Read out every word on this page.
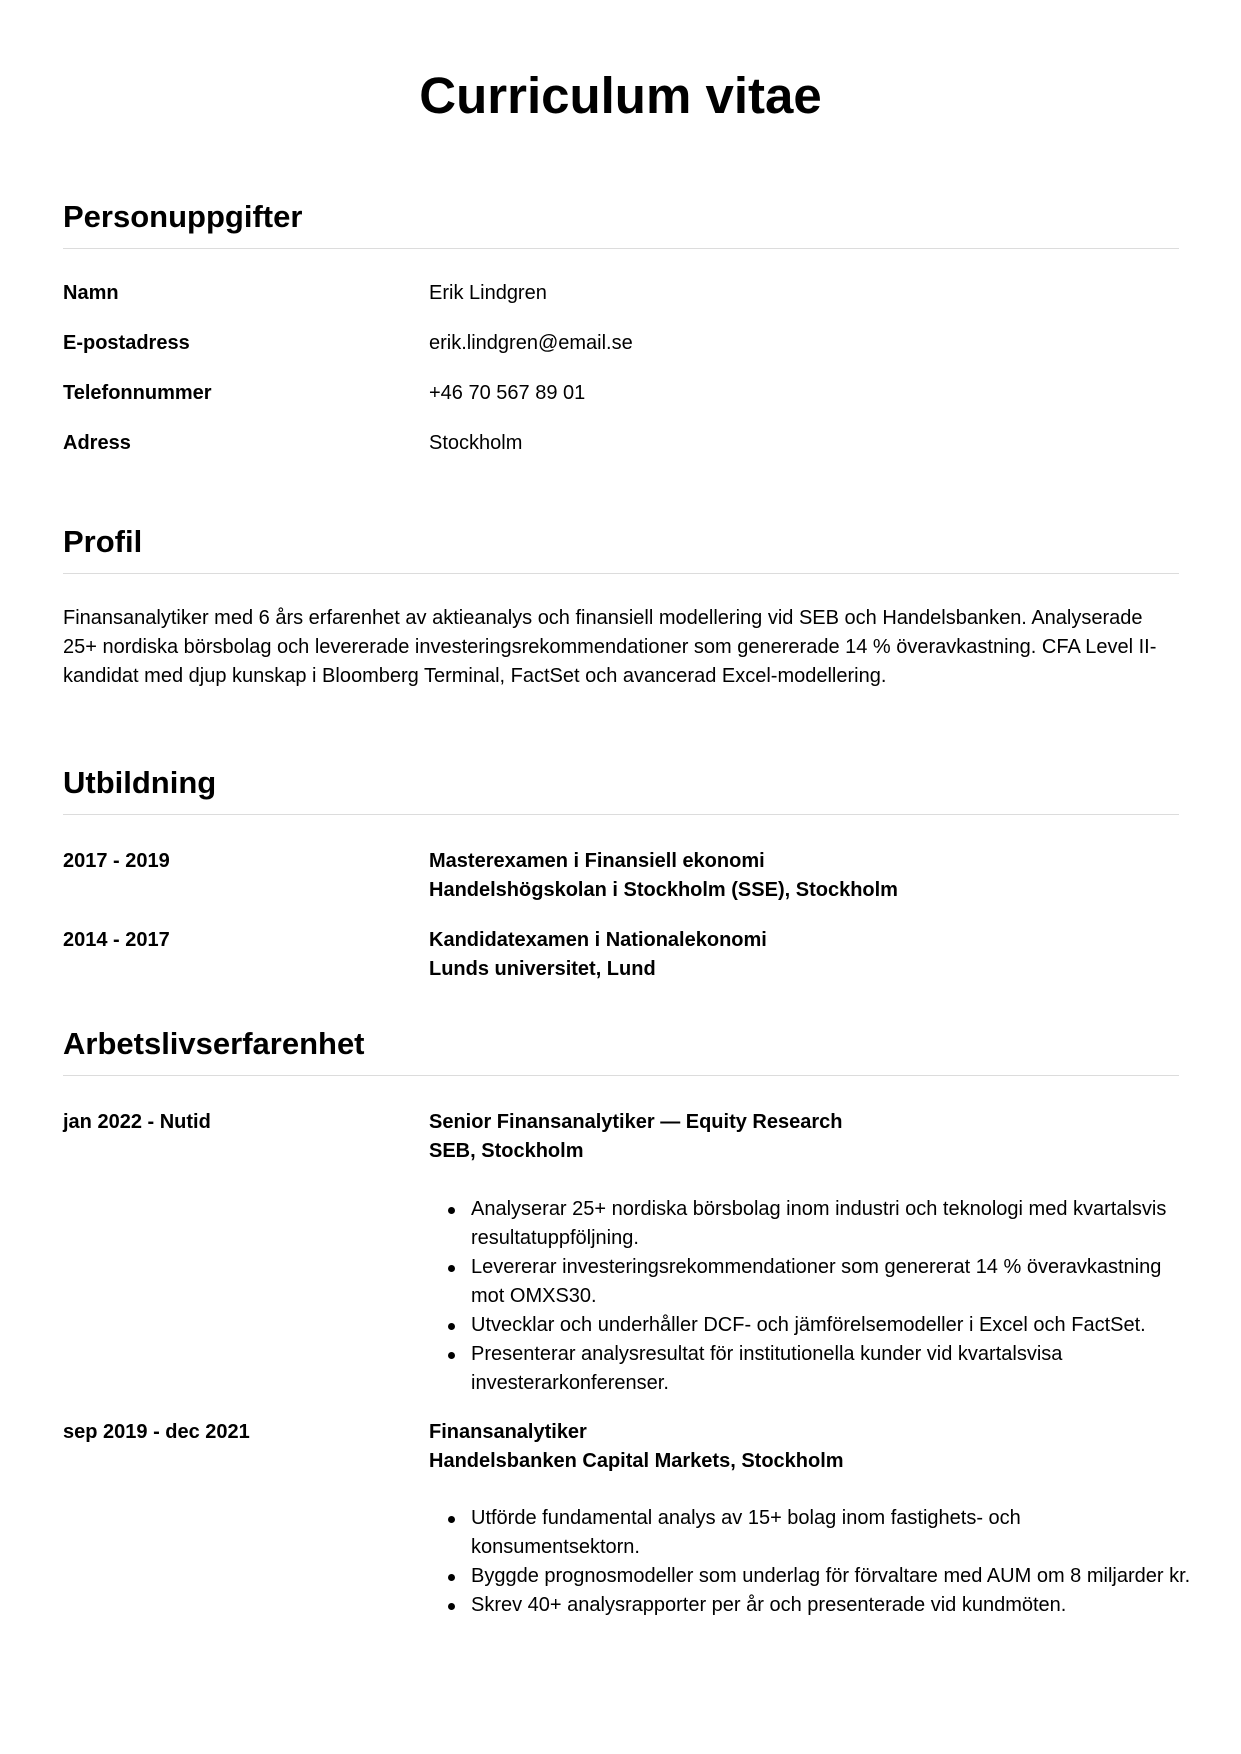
Curriculum vitae
Personuppgifter
Namn	Erik Lindgren
E-postadress	erik.lindgren@email.se
Telefonnummer	+46 70 567 89 01
Adress	Stockholm
Profil

Finansanalytiker med 6 års erfarenhet av aktieanalys och finansiell modellering vid SEB och Handelsbanken. Analyserade 25+ nordiska börsbolag och levererade investeringsrekommendationer som genererade 14 % överavkastning. CFA Level II-kandidat med djup kunskap i Bloomberg Terminal, FactSet och avancerad Excel-modellering.

Utbildning
2017 - 2019	Masterexamen i Finansiell ekonomi
Handelshögskolan i Stockholm (SSE), Stockholm
2014 - 2017	Kandidatexamen i Nationalekonomi
Lunds universitet, Lund
Arbetslivserfarenhet
jan 2022 - Nutid	Senior Finansanalytiker — Equity Research
SEB, Stockholm
Analyserar 25+ nordiska börsbolag inom industri och teknologi med kvartalsvis resultatuppföljning.
Levererar investeringsrekommendationer som genererat 14 % överavkastning mot OMXS30.
Utvecklar och underhåller DCF- och jämförelsemodeller i Excel och FactSet.
Presenterar analysresultat för institutionella kunder vid kvartalsvisa investerarkonferenser.
sep 2019 - dec 2021	Finansanalytiker
Handelsbanken Capital Markets, Stockholm
Utförde fundamental analys av 15+ bolag inom fastighets- och konsumentsektorn.
Byggde prognosmodeller som underlag för förvaltare med AUM om 8 miljarder kr.
Skrev 40+ analysrapporter per år och presenterade vid kundmöten.
